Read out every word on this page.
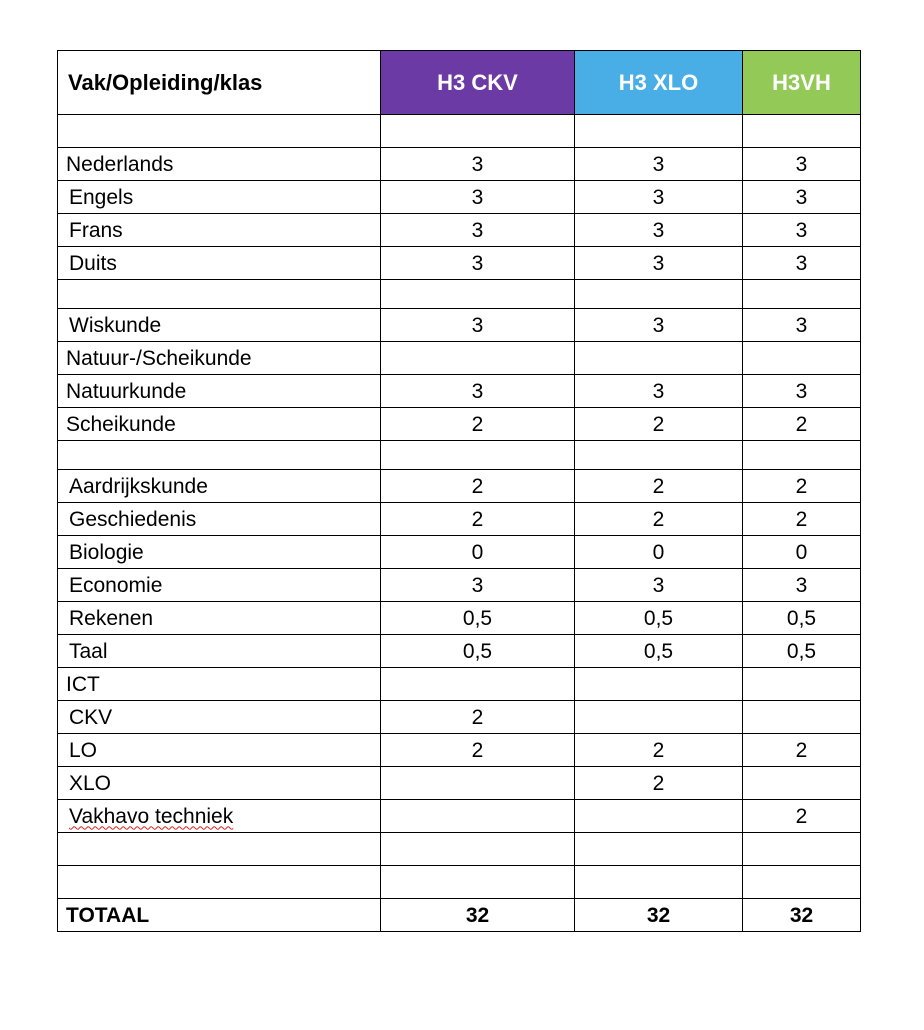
Vak/Opleiding/klas	H3 CKV	H3 XLO	H3VH

Nederlands	3	3	3
Engels	3	3	3
Frans	3	3	3
Duits	3	3	3

Wiskunde	3	3	3
Natuur-/Scheikunde			
Natuurkunde	3	3	3
Scheikunde	2	2	2

Aardrijkskunde	2	2	2
Geschiedenis	2	2	2
Biologie	0	0	0
Economie	3	3	3
Rekenen	0,5	0,5	0,5
Taal	0,5	0,5	0,5
ICT			
CKV	2		
LO	2	2	2
XLO		2	
Vakhavo techniek			2

TOTAAL	32	32	32
